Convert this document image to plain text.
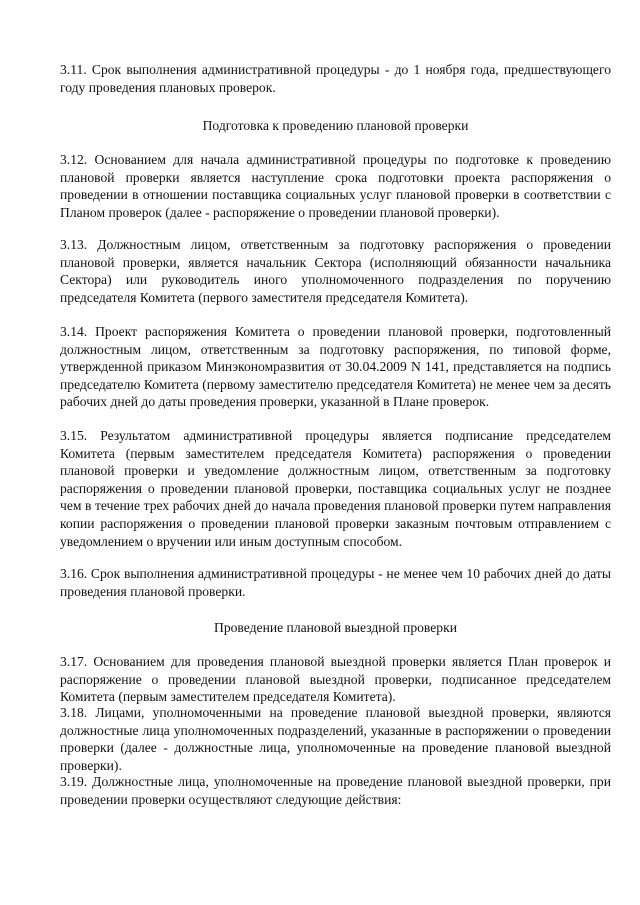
3.11. Срок выполнения административной процедуры - до 1 ноября года, предшествующего году проведения плановых проверок.

Подготовка к проведению плановой проверки

3.12. Основанием для начала административной процедуры по подготовке к проведению плановой проверки является наступление срока подготовки проекта распоряжения о проведении в отношении поставщика социальных услуг плановой проверки в соответствии с Планом проверок (далее - распоряжение о проведении плановой проверки).

3.13. Должностным лицом, ответственным за подготовку распоряжения о проведении плановой проверки, является начальник Сектора (исполняющий обязанности начальника Сектора) или руководитель иного уполномоченного подразделения по поручению председателя Комитета (первого заместителя председателя Комитета).

3.14. Проект распоряжения Комитета о проведении плановой проверки, подготовленный должностным лицом, ответственным за подготовку распоряжения, по типовой форме, утвержденной приказом Минэкономразвития от 30.04.2009 N 141, представляется на подпись председателю Комитета (первому заместителю председателя Комитета) не менее чем за десять рабочих дней до даты проведения проверки, указанной в Плане проверок.

3.15. Результатом административной процедуры является подписание председателем Комитета (первым заместителем председателя Комитета) распоряжения о проведении плановой проверки и уведомление должностным лицом, ответственным за подготовку распоряжения о проведении плановой проверки, поставщика социальных услуг не позднее чем в течение трех рабочих дней до начала проведения плановой проверки путем направления копии распоряжения о проведении плановой проверки заказным почтовым отправлением с уведомлением о вручении или иным доступным способом.

3.16. Срок выполнения административной процедуры - не менее чем 10 рабочих дней до даты проведения плановой проверки.

Проведение плановой выездной проверки

3.17. Основанием для проведения плановой выездной проверки является План проверок и распоряжение о проведении плановой выездной проверки, подписанное председателем Комитета (первым заместителем председателя Комитета).

3.18. Лицами, уполномоченными на проведение плановой выездной проверки, являются должностные лица уполномоченных подразделений, указанные в распоряжении о проведении проверки (далее - должностные лица, уполномоченные на проведение плановой выездной проверки).

3.19. Должностные лица, уполномоченные на проведение плановой выездной проверки, при проведении проверки осуществляют следующие действия:
